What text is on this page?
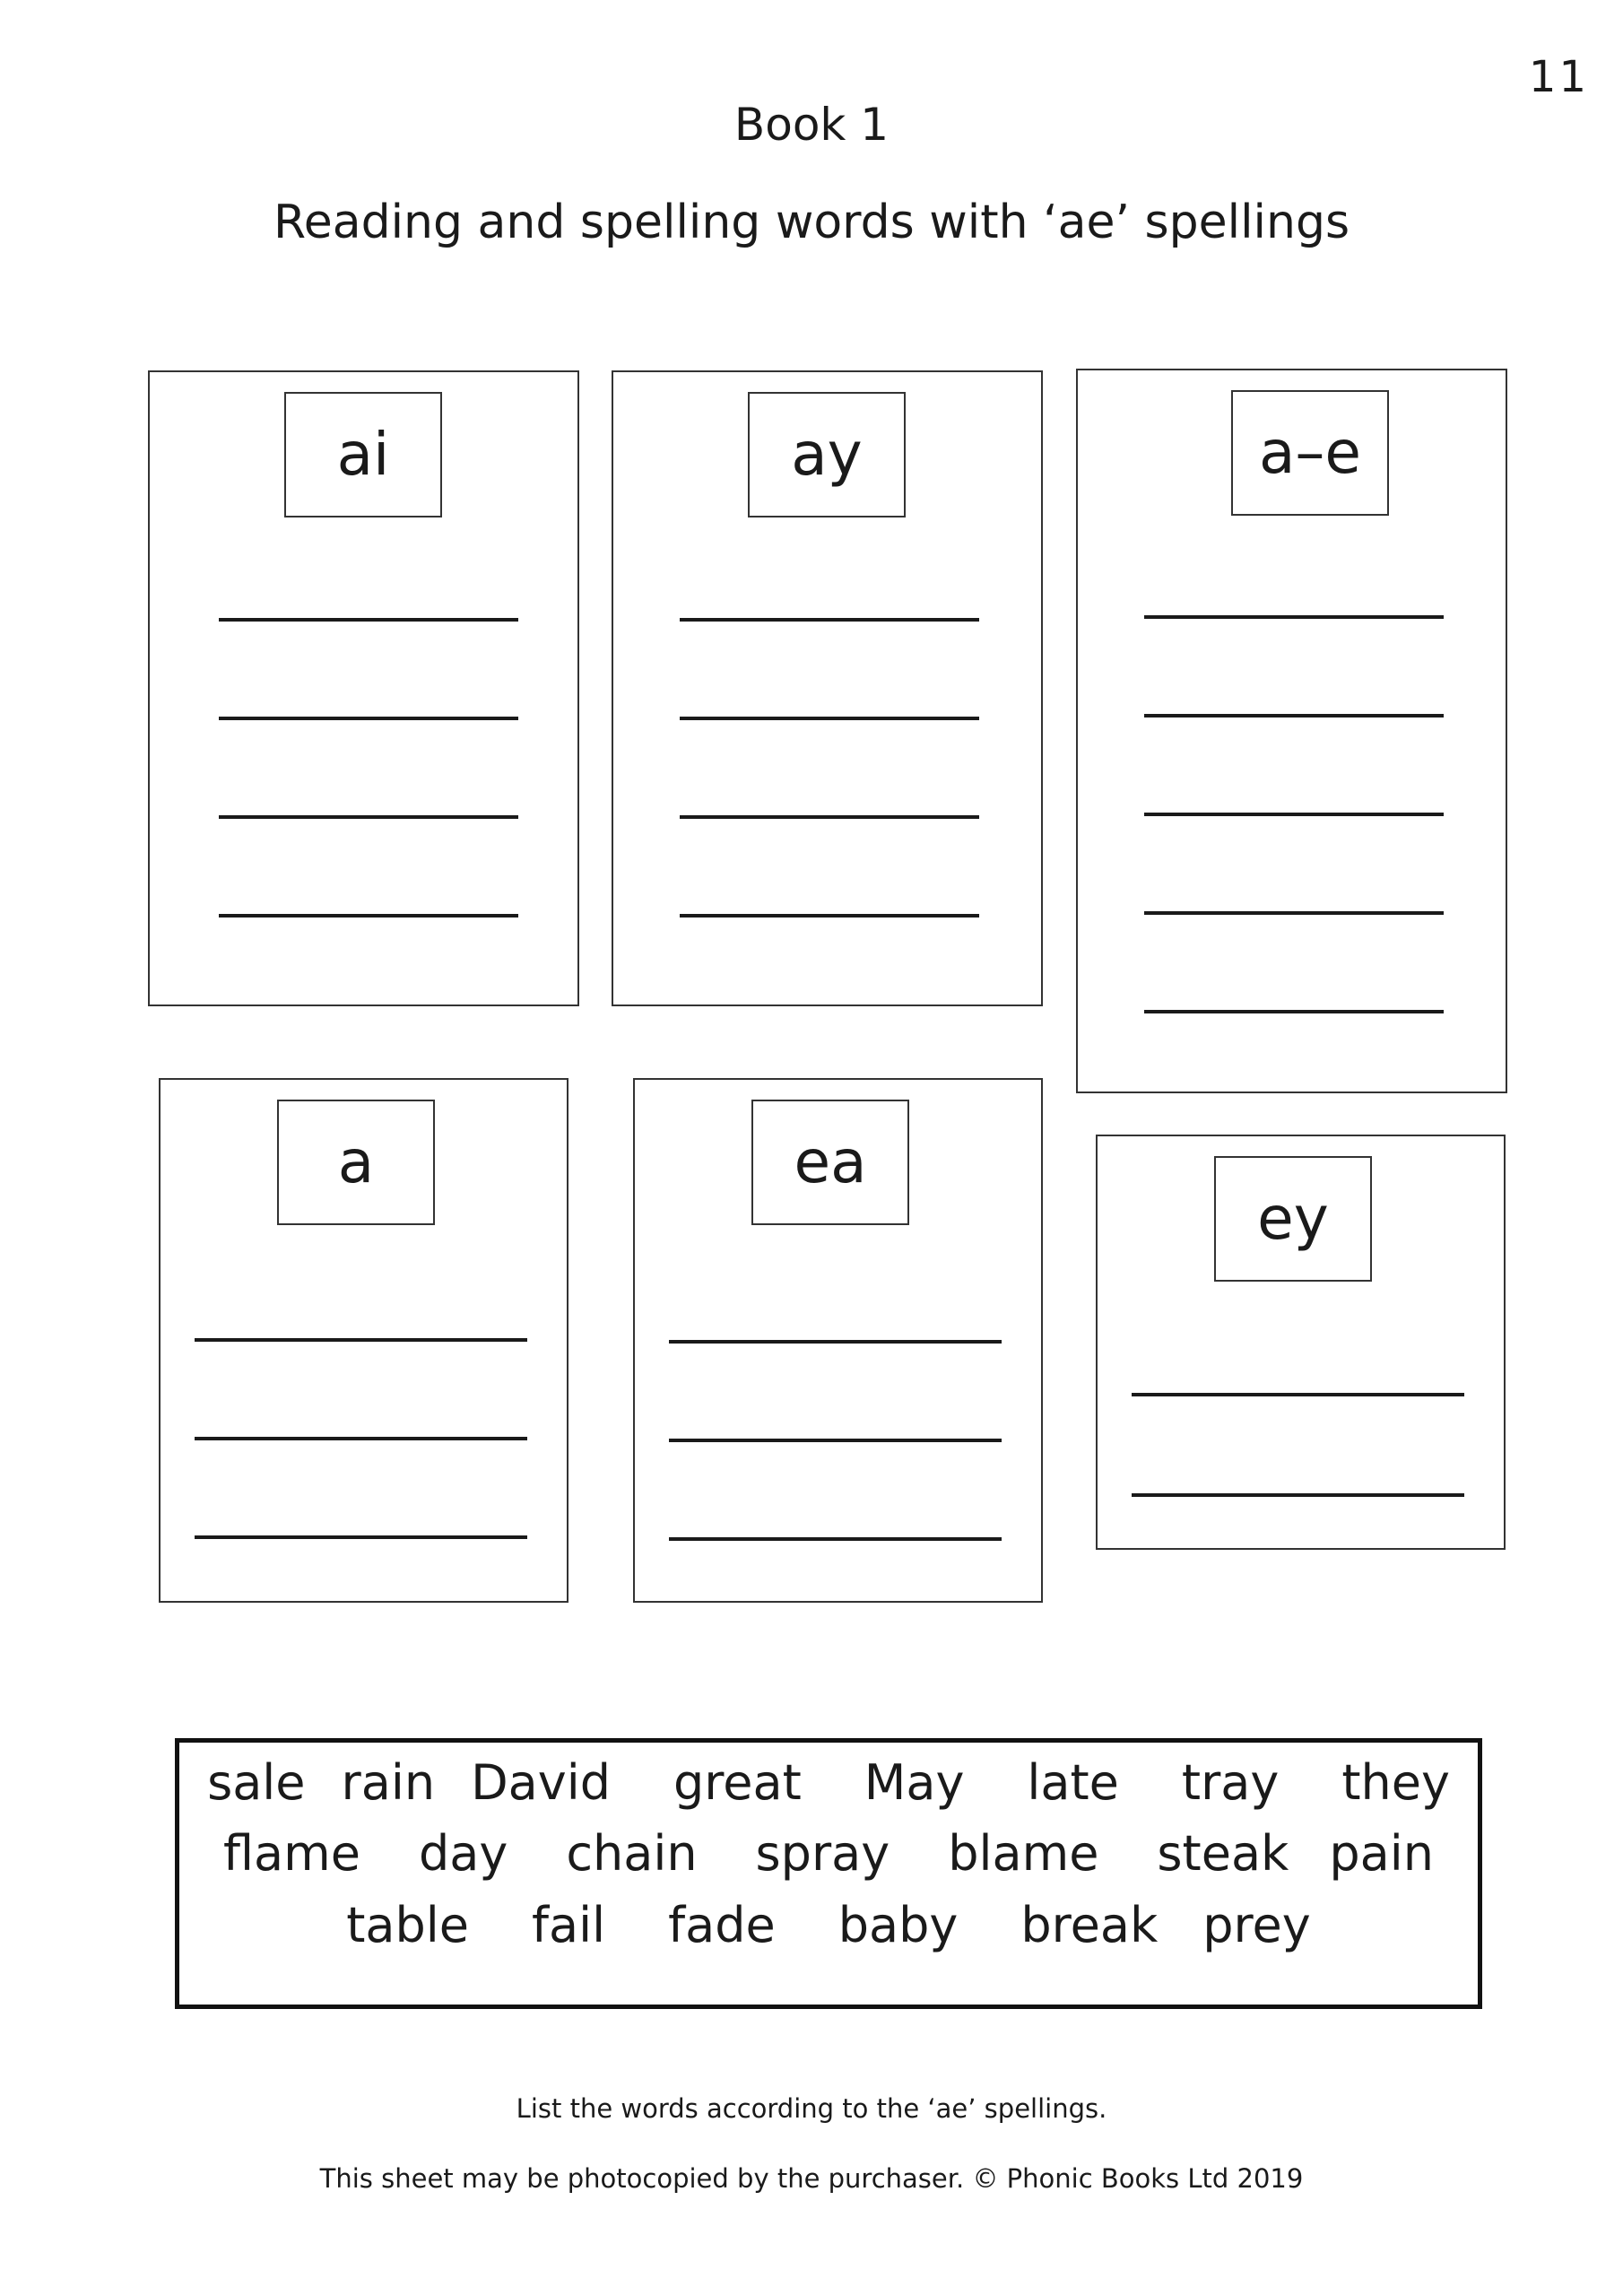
11
Book 1
Reading and spelling words with ‘ae’ spellings
ai	ay	a–e
a	ea
ey
sale rain David great May late tray they
flame day chain spray blame steak pain
table fail fade baby break prey
List the words according to the ‘ae’ spellings.
This sheet may be photocopied by the purchaser. © Phonic Books Ltd 2019
